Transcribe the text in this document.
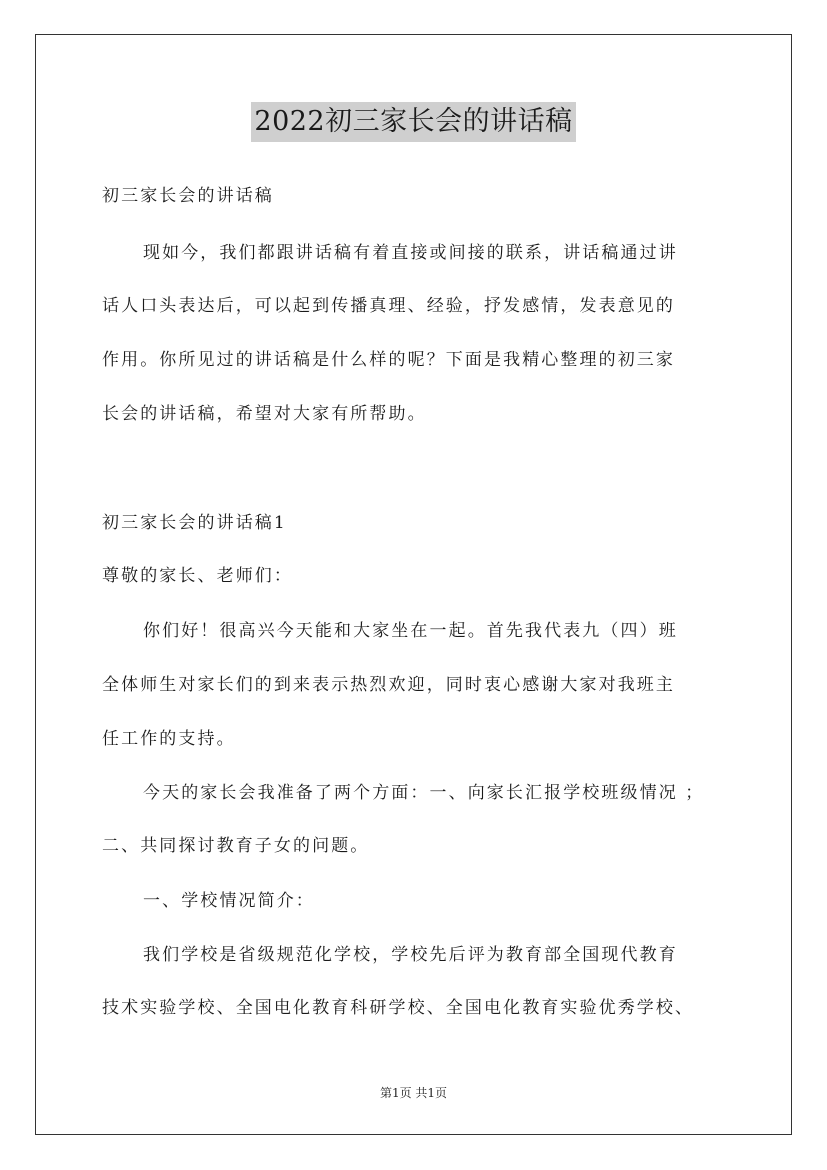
2022初三家长会的讲话稿
初三家长会的讲话稿
现如今，我们都跟讲话稿有着直接或间接的联系，讲话稿通过讲
话人口头表达后，可以起到传播真理、经验，抒发感情，发表意见的
作用。你所见过的讲话稿是什么样的呢？下面是我精心整理的初三家
长会的讲话稿，希望对大家有所帮助。
初三家长会的讲话稿1
尊敬的家长、老师们：
你们好！很高兴今天能和大家坐在一起。首先我代表九（四）班
全体师生对家长们的到来表示热烈欢迎，同时衷心感谢大家对我班主
任工作的支持。
今天的家长会我准备了两个方面：一、向家长汇报学校班级情况 ；
二、共同探讨教育子女的问题。
一、学校情况简介：
我们学校是省级规范化学校，学校先后评为教育部全国现代教育
技术实验学校、全国电化教育科研学校、全国电化教育实验优秀学校、
第1页 共1页
